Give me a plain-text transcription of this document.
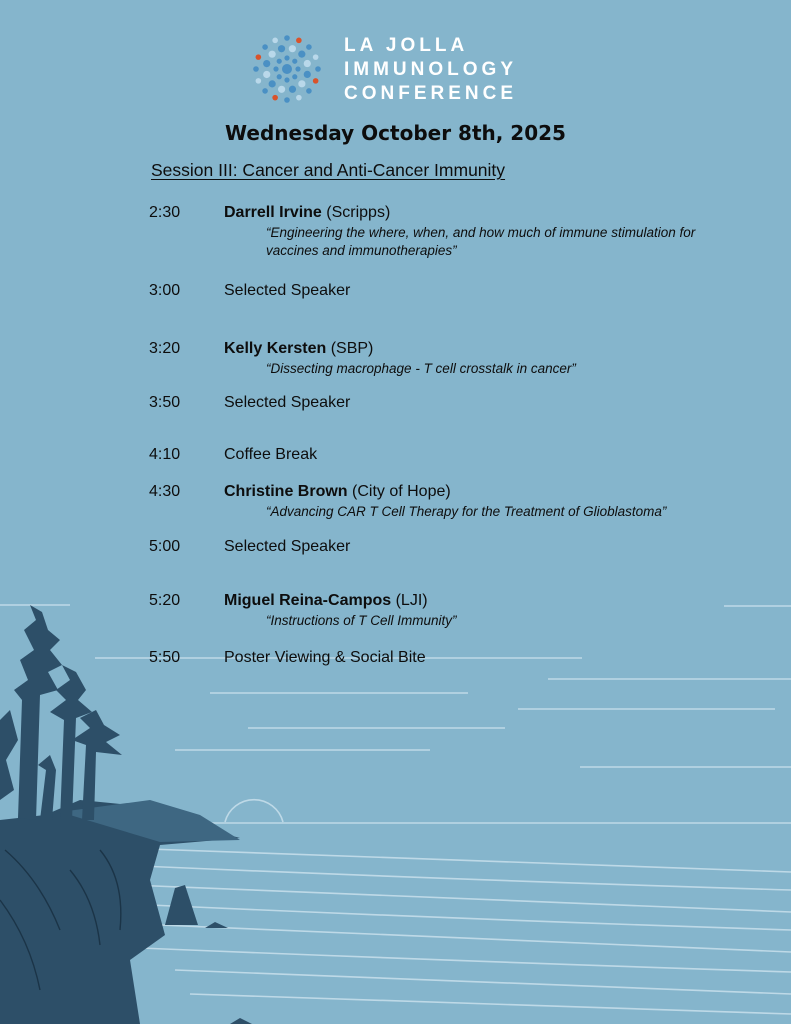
LA JOLLA
IMMUNOLOGY
CONFERENCE
Wednesday October 8th, 2025
Session III: Cancer and Anti-Cancer Immunity
2:30	Darrell Irvine (Scripps)
“Engineering the where, when, and how much of immune stimulation for vaccines and immunotherapies”
3:00	Selected Speaker
3:20	Kelly Kersten (SBP)
“Dissecting macrophage - T cell crosstalk in cancer”
3:50	Selected Speaker
4:10	Coffee Break
4:30	Christine Brown (City of Hope)
“Advancing CAR T Cell Therapy for the Treatment of Glioblastoma”
5:00	Selected Speaker
5:20	Miguel Reina-Campos (LJI)
“Instructions of T Cell Immunity”
5:50	Poster Viewing & Social Bite
